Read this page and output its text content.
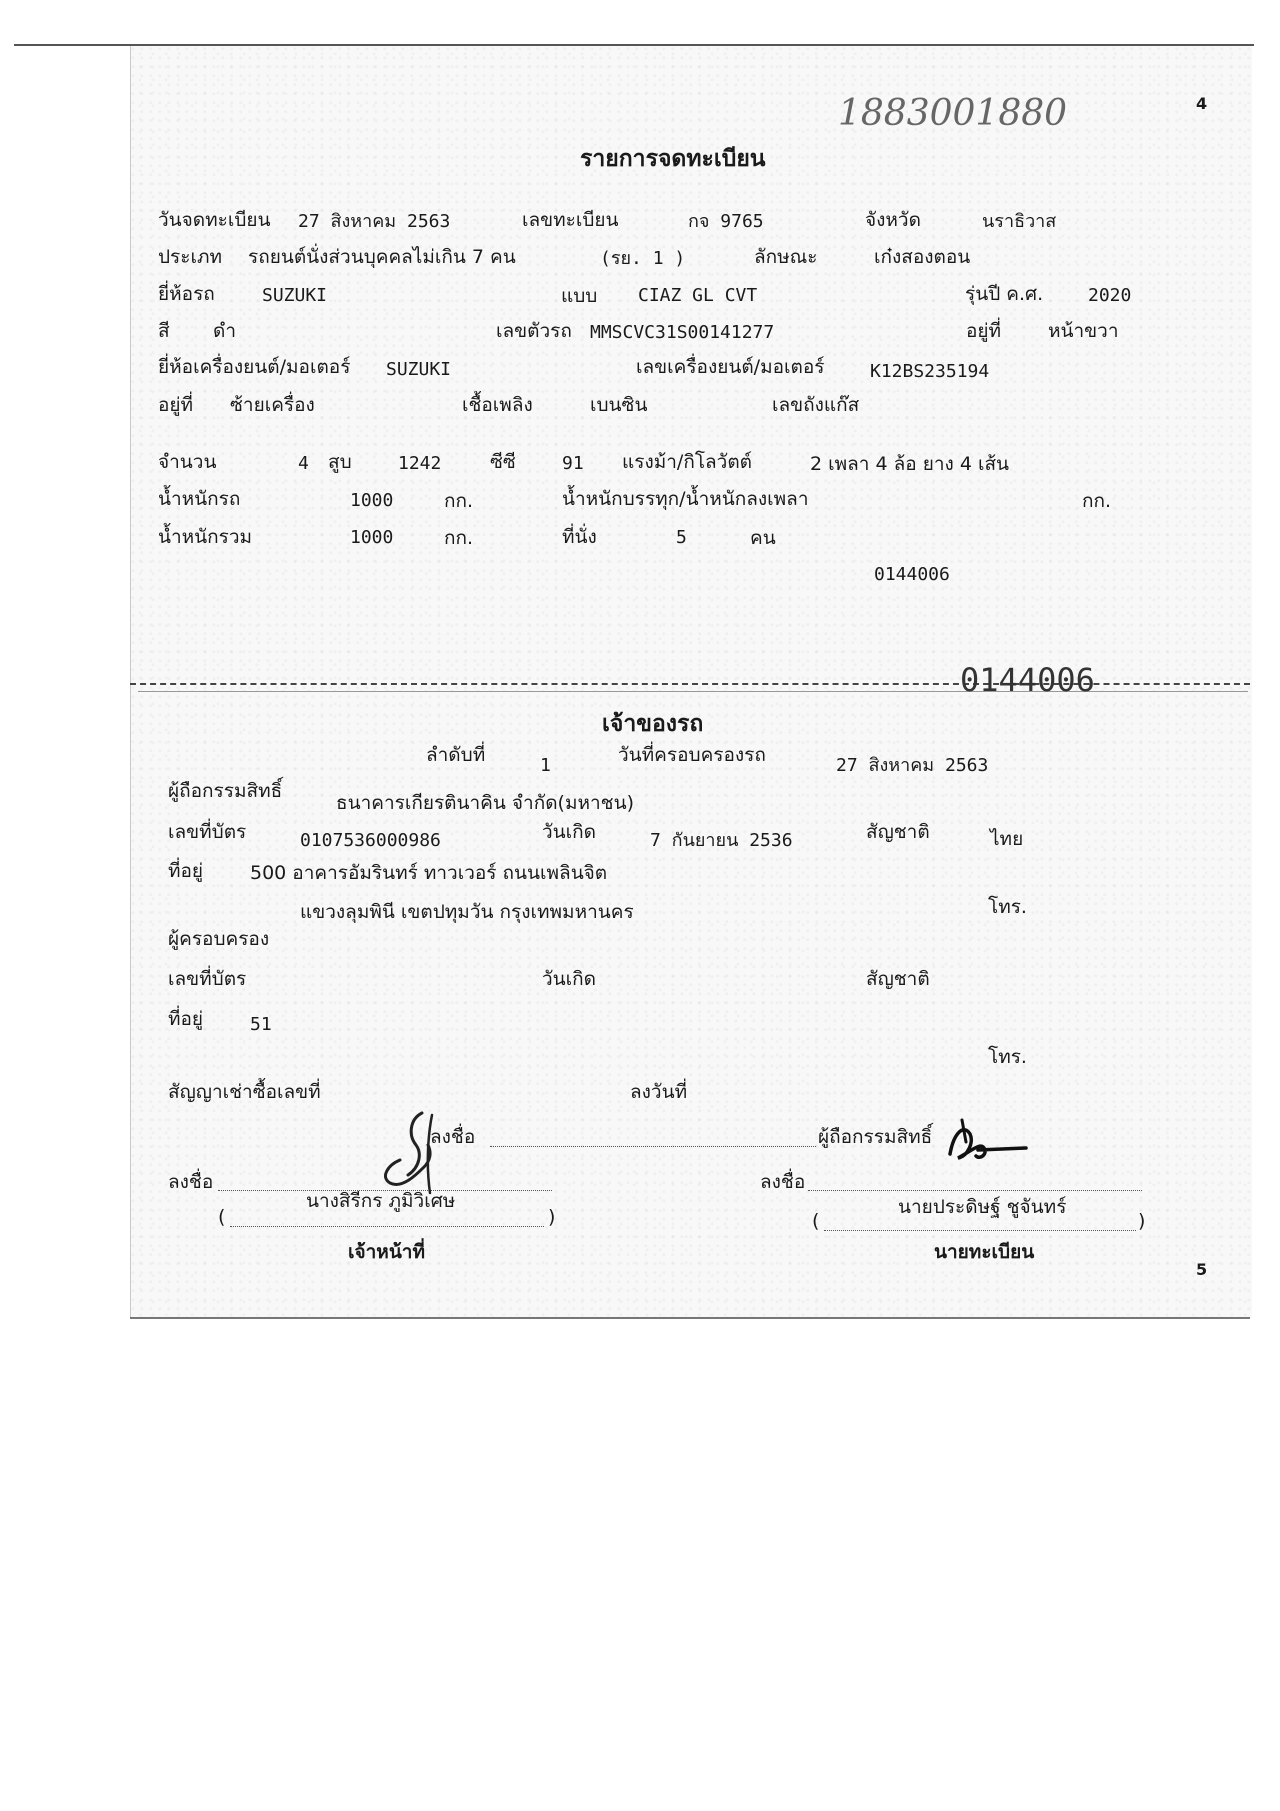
1883001880	4
รายการจดทะเบียน
วันจดทะเบียน 27 สิงหาคม 2563	เลขทะเบียน	กจ 9765	จังหวัด	นราธิวาส
ประเภท รถยนต์นั่งส่วนบุคคลไม่เกิน 7 คน	(รย. 1 )	ลักษณะ	เก๋งสองตอน
ยี่ห้อรถ	SUZUKI	แบบ CIAZ GL CVT	รุ่นปี ค.ศ. 2020
สี ดำ	เลขตัวรถ MMSCVC31S00141277	อยู่ที่ หน้าขวา
ยี่ห้อเครื่องยนต์/มอเตอร์ SUZUKI	เลขเครื่องยนต์/มอเตอร์	K12BS235194
อยู่ที่ ซ้ายเครื่อง	เชื้อเพลิง	เบนซิน	เลขถังแก๊ส
จำนวน	4 สูบ	1242	ซีซี	91 แรงม้า/กิโลวัตต์	2 เพลา 4 ล้อ ยาง 4 เส้น
น้ำหนักรถ	1000	กก.	น้ำหนักบรรทุก/น้ำหนักลงเพลา	กก.
น้ำหนักรวม	1000	กก.	ที่นั่ง	5	คน
0144006
0144006
เจ้าของรถ
ลำดับที่	1	วันที่ครอบครองรถ	27 สิงหาคม 2563
ผู้ถือกรรมสิทธิ์
ธนาคารเกียรตินาคิน จำกัด(มหาชน)
เลขที่บัตร	0107536000986	วันเกิด	7 กันยายน 2536	สัญชาติ	ไทย
ที่อยู่ 500 อาคารอัมรินทร์ ทาวเวอร์ ถนนเพลินจิต
แขวงลุมพินี เขตปทุมวัน กรุงเทพมหานคร	โทร.
ผู้ครอบครอง
เลขที่บัตร	วันเกิด	สัญชาติ
ที่อยู่	51
โทร.
สัญญาเช่าซื้อเลขที่	ลงวันที่
ลงชื่อ	ผู้ถือกรรมสิทธิ์
ลงชื่อ	ลงชื่อ
นางสิรีกร ภูมิวิเศษ	นายประดิษฐ์ ชูจันทร์
(	)	(	)
เจ้าหน้าที่	นายทะเบียน
5
